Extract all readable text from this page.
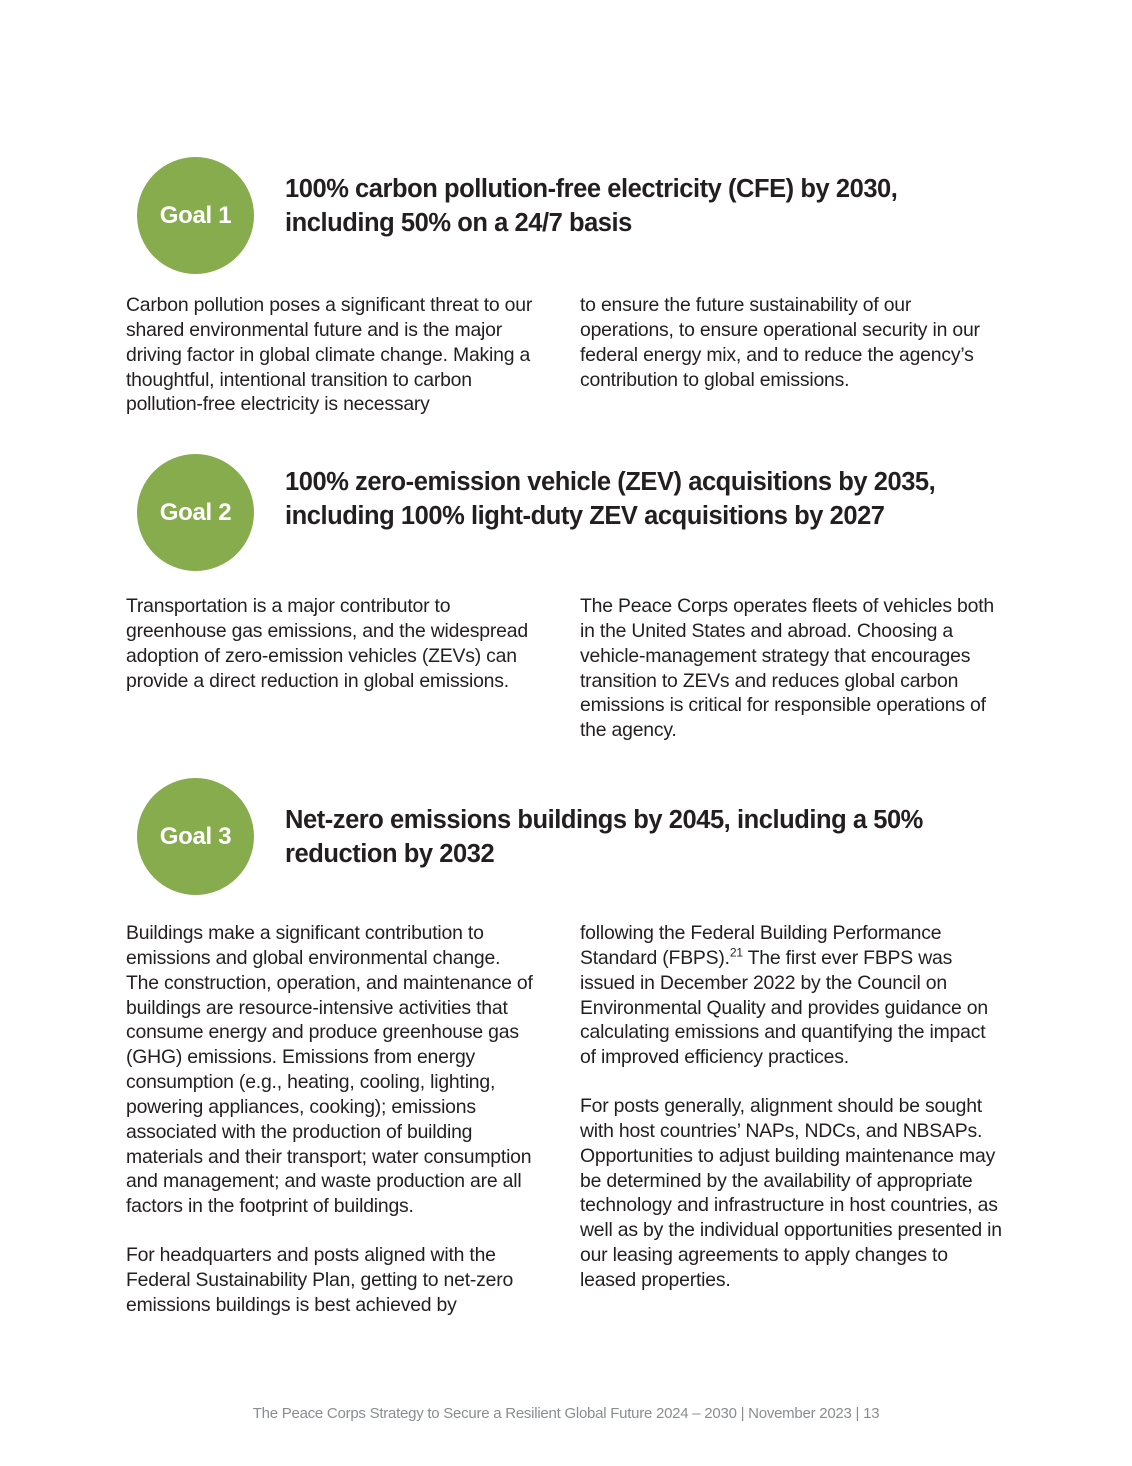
Goal 1
100% carbon pollution-free electricity (CFE) by 2030, including 50% on a 24/7 basis

Carbon pollution poses a significant threat to our shared environmental future and is the major driving factor in global climate change. Making a thoughtful, intentional transition to carbon pollution-free electricity is necessary

to ensure the future sustainability of our operations, to ensure operational security in our federal energy mix, and to reduce the agency’s contribution to global emissions.

Goal 2
100% zero-emission vehicle (ZEV) acquisitions by 2035, including 100% light-duty ZEV acquisitions by 2027

Transportation is a major contributor to greenhouse gas emissions, and the widespread adoption of zero-emission vehicles (ZEVs) can provide a direct reduction in global emissions.

The Peace Corps operates fleets of vehicles both in the United States and abroad. Choosing a vehicle-management strategy that encourages transition to ZEVs and reduces global carbon emissions is critical for responsible operations of the agency.

Goal 3
Net-zero emissions buildings by 2045, including a 50% reduction by 2032

Buildings make a significant contribution to emissions and global environmental change. The construction, operation, and maintenance of buildings are resource-intensive activities that consume energy and produce greenhouse gas (GHG) emissions. Emissions from energy consumption (e.g., heating, cooling, lighting, powering appliances, cooking); emissions associated with the production of building materials and their transport; water consumption and management; and waste production are all factors in the footprint of buildings.

For headquarters and posts aligned with the Federal Sustainability Plan, getting to net-zero emissions buildings is best achieved by

following the Federal Building Performance Standard (FBPS).$^{21}$ The first ever FBPS was issued in December 2022 by the Council on Environmental Quality and provides guidance on calculating emissions and quantifying the impact of improved efficiency practices.

For posts generally, alignment should be sought with host countries’ NAPs, NDCs, and NBSAPs. Opportunities to adjust building maintenance may be determined by the availability of appropriate technology and infrastructure in host countries, as well as by the individual opportunities presented in our leasing agreements to apply changes to leased properties.

The Peace Corps Strategy to Secure a Resilient Global Future 2024 – 2030 | November 2023 | 13
